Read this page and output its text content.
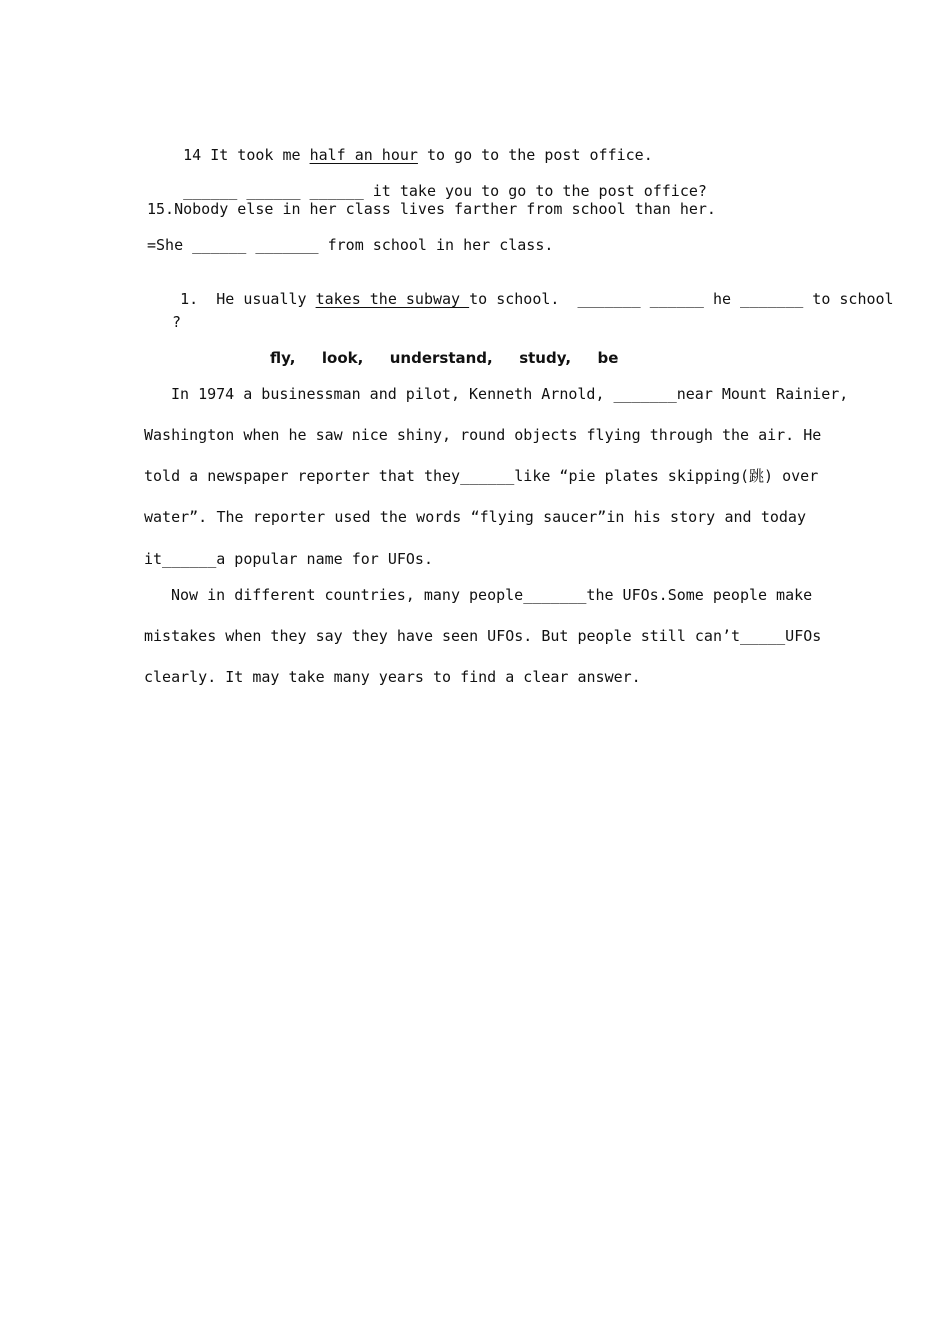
14 It took me half an hour to go to the post office.

______ ______ ______ it take you to go to the post office?

15.Nobody else in her class lives farther from school than her.
=She ______ _______ from school in her class.

1.  He usually takes the subway to school.  _______ ______ he _______ to school

?
fly,  look,  understand,  study,  be
In 1974 a businessman and pilot, Kenneth Arnold, _______near Mount Rainier,
Washington when he saw nice shiny, round objects flying through the air. He
told a newspaper reporter that they______like “pie plates skipping(跳) over
water”. The reporter used the words “flying saucer”in his story and today
it______a popular name for UFOs.
Now in different countries, many people_______the UFOs.Some people make
mistakes when they say they have seen UFOs. But people still can’t_____UFOs
clearly. It may take many years to find a clear answer.
